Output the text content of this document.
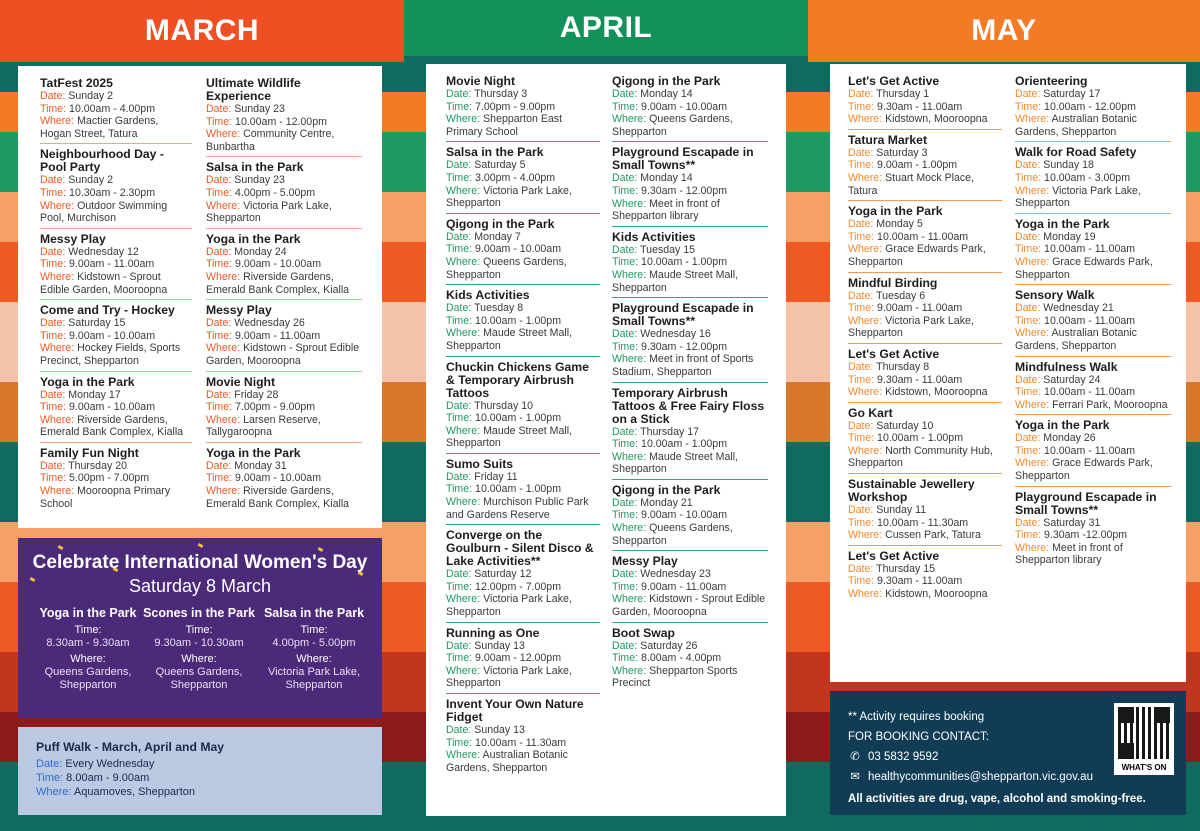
MARCH	APRIL	MAY
TatFest 2025
Date: Sunday 2
Time: 10.00am - 4.00pm
Where: Mactier Gardens, Hogan Street, Tatura
Neighbourhood Day - Pool Party
Date: Sunday 2
Time: 10.30am - 2.30pm
Where: Outdoor Swimming Pool, Murchison
Messy Play
Date: Wednesday 12
Time: 9.00am - 11.00am
Where: Kidstown - Sprout Edible Garden, Mooroopna
Come and Try - Hockey
Date: Saturday 15
Time: 9.00am - 10.00am
Where: Hockey Fields, Sports Precinct, Shepparton
Yoga in the Park
Date: Monday 17
Time: 9.00am - 10.00am
Where: Riverside Gardens, Emerald Bank Complex, Kialla
Family Fun Night
Date: Thursday 20
Time: 5.00pm - 7.00pm
Where: Mooroopna Primary School
Ultimate Wildlife Experience
Date: Sunday 23
Time: 10.00am - 12.00pm
Where: Community Centre, Bunbartha
Salsa in the Park
Date: Sunday 23
Time: 4.00pm - 5.00pm
Where: Victoria Park Lake, Shepparton
Yoga in the Park
Date: Monday 24
Time: 9.00am - 10.00am
Where: Riverside Gardens, Emerald Bank Complex, Kialla
Messy Play
Date: Wednesday 26
Time: 9.00am - 11.00am
Where: Kidstown - Sprout Edible Garden, Mooroopna
Movie Night
Date: Friday 28
Time: 7.00pm - 9.00pm
Where: Larsen Reserve, Tallygaroopna
Yoga in the Park
Date: Monday 31
Time: 9.00am - 10.00am
Where: Riverside Gardens, Emerald Bank Complex, Kialla
Celebrate International Women's Day
Saturday 8 March
Yoga in the Park
Time:
8.30am - 9.30am
Where:
Queens Gardens, Shepparton
Scones in the Park
Time:
9.30am - 10.30am
Where:
Queens Gardens, Shepparton
Salsa in the Park
Time:
4.00pm - 5.00pm
Where:
Victoria Park Lake, Shepparton
Puff Walk - March, April and May
Date: Every Wednesday
Time: 8.00am - 9.00am
Where: Aquamoves, Shepparton
Movie Night
Date: Thursday 3
Time: 7.00pm - 9.00pm
Where: Shepparton East Primary School
Salsa in the Park
Date: Saturday 5
Time: 3.00pm - 4.00pm
Where: Victoria Park Lake, Shepparton
Qigong in the Park
Date: Monday 7
Time: 9.00am - 10.00am
Where: Queens Gardens, Shepparton
Kids Activities
Date: Tuesday 8
Time: 10.00am - 1.00pm
Where: Maude Street Mall, Shepparton
Chuckin Chickens Game & Temporary Airbrush Tattoos
Date: Thursday 10
Time: 10.00am - 1.00pm
Where: Maude Street Mall, Shepparton
Sumo Suits
Date: Friday 11
Time: 10.00am - 1.00pm
Where: Murchison Public Park and Gardens Reserve
Converge on the Goulburn - Silent Disco & Lake Activities**
Date: Saturday 12
Time: 12.00pm - 7.00pm
Where: Victoria Park Lake, Shepparton
Running as One
Date: Sunday 13
Time: 9.00am - 12.00pm
Where: Victoria Park Lake, Shepparton
Invent Your Own Nature Fidget
Date: Sunday 13
Time: 10.00am - 11.30am
Where: Australian Botanic Gardens, Shepparton
Qigong in the Park
Date: Monday 14
Time: 9.00am - 10.00am
Where: Queens Gardens, Shepparton
Playground Escapade in Small Towns**
Date: Monday 14
Time: 9.30am - 12.00pm
Where: Meet in front of Shepparton library
Kids Activities
Date: Tuesday 15
Time: 10.00am - 1.00pm
Where: Maude Street Mall, Shepparton
Playground Escapade in Small Towns**
Date: Wednesday 16
Time: 9.30am - 12.00pm
Where: Meet in front of Sports Stadium, Shepparton
Temporary Airbrush Tattoos & Free Fairy Floss on a Stick
Date: Thursday 17
Time: 10.00am - 1.00pm
Where: Maude Street Mall, Shepparton
Qigong in the Park
Date: Monday 21
Time: 9.00am - 10.00am
Where: Queens Gardens, Shepparton
Messy Play
Date: Wednesday 23
Time: 9.00am - 11.00am
Where: Kidstown - Sprout Edible Garden, Mooroopna
Boot Swap
Date: Saturday 26
Time: 8.00am - 4.00pm
Where: Shepparton Sports Precinct
Let's Get Active
Date: Thursday 1
Time: 9.30am - 11.00am
Where: Kidstown, Mooroopna
Tatura Market
Date: Saturday 3
Time: 9.00am - 1.00pm
Where: Stuart Mock Place, Tatura
Yoga in the Park
Date: Monday 5
Time: 10.00am - 11.00am
Where: Grace Edwards Park, Shepparton
Mindful Birding
Date: Tuesday 6
Time: 9.00am - 11.00am
Where: Victoria Park Lake, Shepparton
Let's Get Active
Date: Thursday 8
Time: 9.30am - 11.00am
Where: Kidstown, Mooroopna
Go Kart
Date: Saturday 10
Time: 10.00am - 1.00pm
Where: North Community Hub, Shepparton
Sustainable Jewellery Workshop
Date: Sunday 11
Time: 10.00am - 11.30am
Where: Cussen Park, Tatura
Let's Get Active
Date: Thursday 15
Time: 9.30am - 11.00am
Where: Kidstown, Mooroopna
Orienteering
Date: Saturday 17
Time: 10.00am - 12.00pm
Where: Australian Botanic Gardens, Shepparton
Walk for Road Safety
Date: Sunday 18
Time: 10.00am - 3.00pm
Where: Victoria Park Lake, Shepparton
Yoga in the Park
Date: Monday 19
Time: 10.00am - 11.00am
Where: Grace Edwards Park, Shepparton
Sensory Walk
Date: Wednesday 21
Time: 10.00am - 11.00am
Where: Australian Botanic Gardens, Shepparton
Mindfulness Walk
Date: Saturday 24
Time: 10.00am - 11.00am
Where: Ferrari Park, Mooroopna
Yoga in the Park
Date: Monday 26
Time: 10.00am - 11.00am
Where: Grace Edwards Park, Shepparton
Playground Escapade in Small Towns**
Date: Saturday 31
Time: 9.30am -12.00pm
Where: Meet in front of Shepparton library
** Activity requires booking
FOR BOOKING CONTACT:
✆ 03 5832 9592
✉ healthycommunities@shepparton.vic.gov.au
All activities are drug, vape, alcohol and smoking-free.
WHAT'S ON
